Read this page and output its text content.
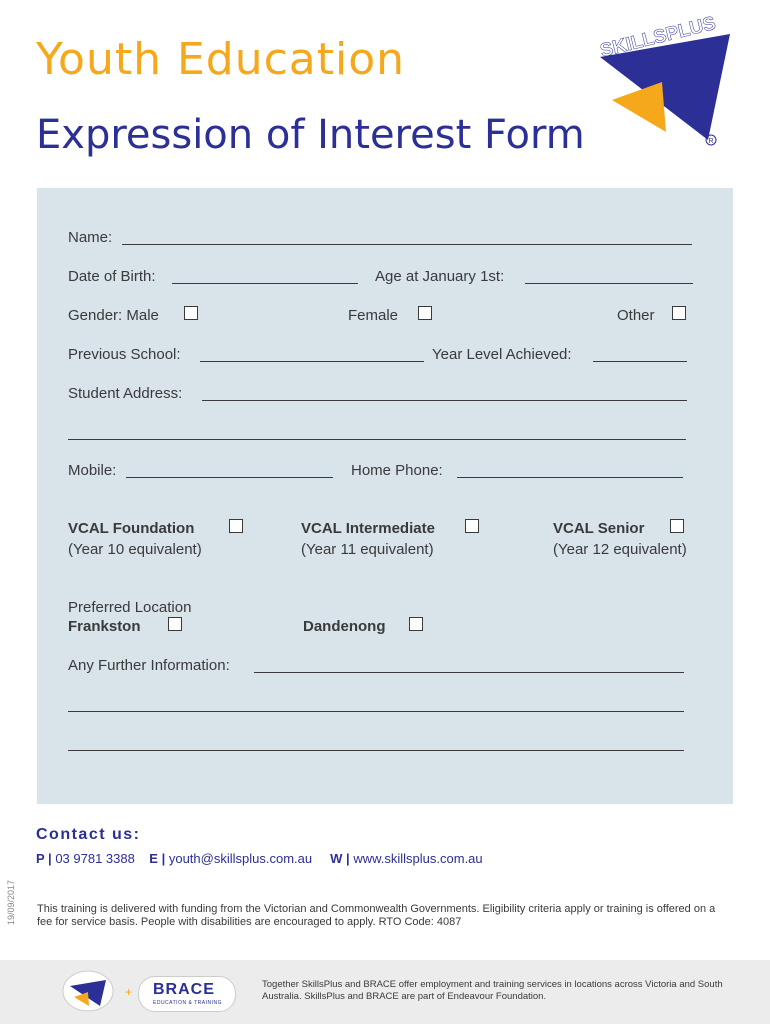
Youth Education
Expression of Interest Form
SKILLSPLUS
R
Name:
Date of Birth:	Age at January 1st:
Gender: Male	Female	Other
Previous School:	Year Level Achieved:
Student Address:
Mobile:	Home Phone:
VCAL Foundation
(Year 10 equivalent)
VCAL Intermediate
(Year 11 equivalent)
VCAL Senior
(Year 12 equivalent)
Preferred Location
Frankston	Dandenong
Any Further Information:
Contact us:
P | 03 9781 3388 E | youth@skillsplus.com.au W | www.skillsplus.com.au
19/09/2017 This training is delivered with funding from the Victorian and Commonwealth Governments. Eligibility criteria apply or training is offered on a fee for service basis. People with disabilities are encouraged to apply. RTO Code: 4087
+ BRACE
EDUCATION & TRAINING
Together SkillsPlus and BRACE offer employment and training services in locations across Victoria and South Australia. SkillsPlus and BRACE are part of Endeavour Foundation.
